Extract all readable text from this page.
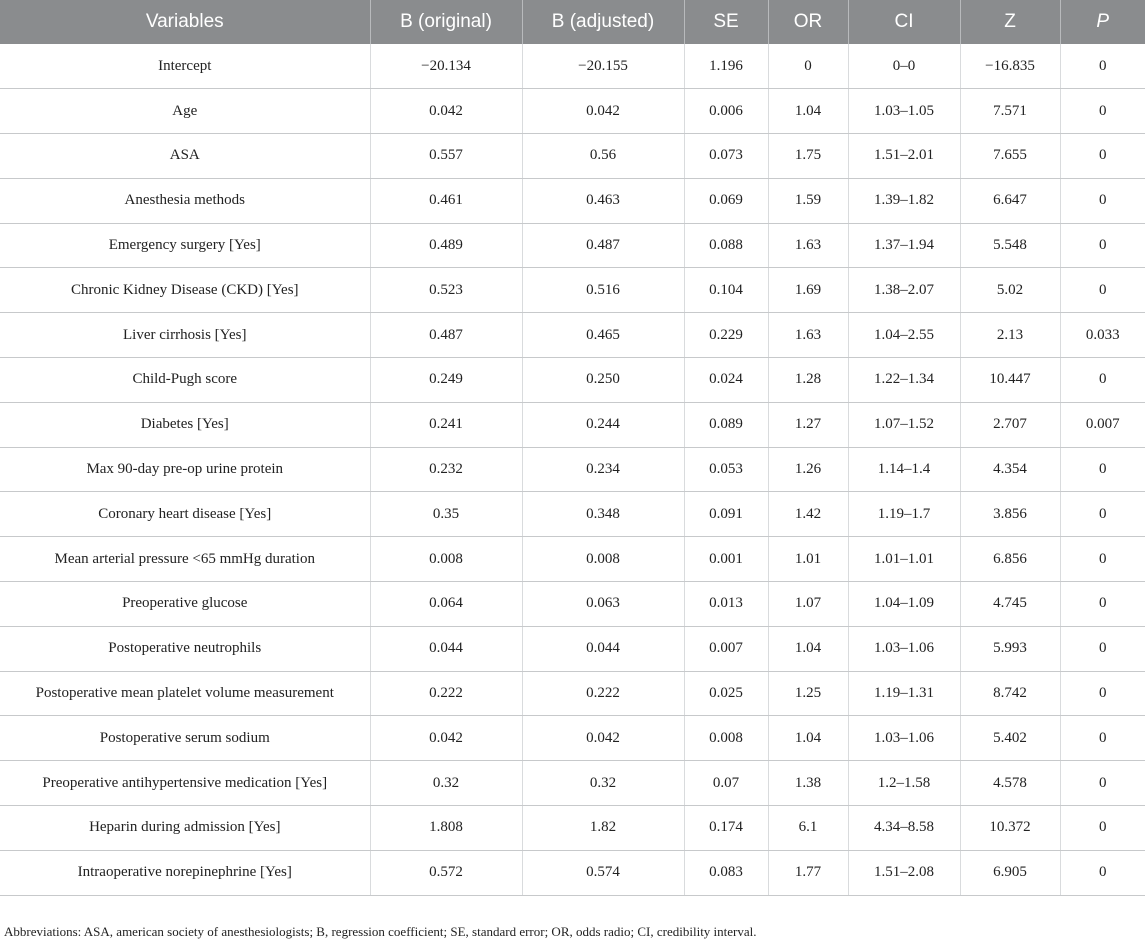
Variables	B (original)	B (adjusted)	SE	OR	CI	Z	P
Intercept	−20.134	−20.155	1.196	0	0–0	−16.835	0
Age	0.042	0.042	0.006	1.04	1.03–1.05	7.571	0
ASA	0.557	0.56	0.073	1.75	1.51–2.01	7.655	0
Anesthesia methods	0.461	0.463	0.069	1.59	1.39–1.82	6.647	0
Emergency surgery [Yes]	0.489	0.487	0.088	1.63	1.37–1.94	5.548	0
Chronic Kidney Disease (CKD) [Yes]	0.523	0.516	0.104	1.69	1.38–2.07	5.02	0
Liver cirrhosis [Yes]	0.487	0.465	0.229	1.63	1.04–2.55	2.13	0.033
Child-Pugh score	0.249	0.250	0.024	1.28	1.22–1.34	10.447	0
Diabetes [Yes]	0.241	0.244	0.089	1.27	1.07–1.52	2.707	0.007
Max 90-day pre-op urine protein	0.232	0.234	0.053	1.26	1.14–1.4	4.354	0
Coronary heart disease [Yes]	0.35	0.348	0.091	1.42	1.19–1.7	3.856	0
Mean arterial pressure <65 mmHg duration	0.008	0.008	0.001	1.01	1.01–1.01	6.856	0
Preoperative glucose	0.064	0.063	0.013	1.07	1.04–1.09	4.745	0
Postoperative neutrophils	0.044	0.044	0.007	1.04	1.03–1.06	5.993	0
Postoperative mean platelet volume measurement	0.222	0.222	0.025	1.25	1.19–1.31	8.742	0
Postoperative serum sodium	0.042	0.042	0.008	1.04	1.03–1.06	5.402	0
Preoperative antihypertensive medication [Yes]	0.32	0.32	0.07	1.38	1.2–1.58	4.578	0
Heparin during admission [Yes]	1.808	1.82	0.174	6.1	4.34–8.58	10.372	0
Intraoperative norepinephrine [Yes]	0.572	0.574	0.083	1.77	1.51–2.08	6.905	0
Abbreviations: ASA, american society of anesthesiologists; B, regression coefficient; SE, standard error; OR, odds radio; CI, credibility interval.
